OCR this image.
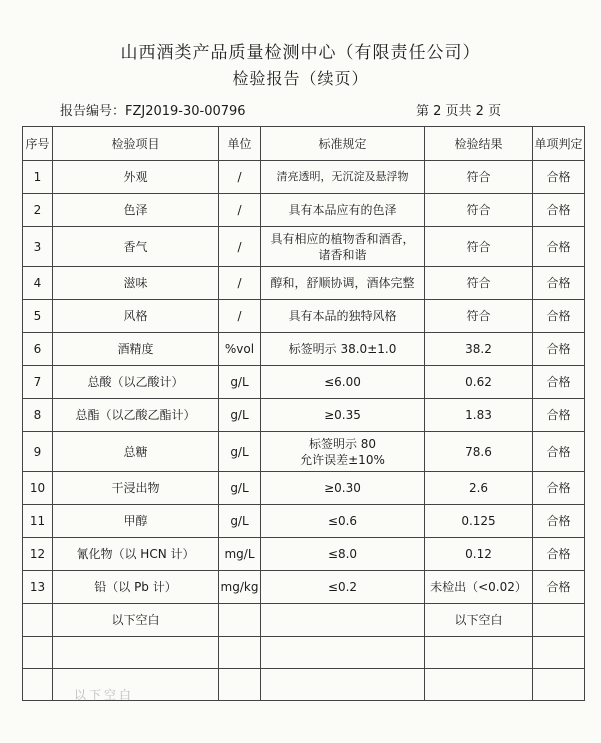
山西酒类产品质量检测中心（有限责任公司）
检验报告（续页）
报告编号：FZJ2019-30-00796	第 2 页共 2 页
序号	检验项目	单位	标准规定	检验结果	单项判定
1	外观	/	清亮透明，无沉淀及悬浮物	符合	合格
2	色泽	/	具有本品应有的色泽	符合	合格
3	香气	/	具有相应的植物香和酒香，
诸香和谐	符合	合格
4	滋味	/	醇和，舒顺协调，酒体完整	符合	合格
5	风格	/	具有本品的独特风格	符合	合格
6	酒精度	%vol	标签明示 38.0±1.0	38.2	合格
7	总酸（以乙酸计）	g/L	≤6.00	0.62	合格
8	总酯（以乙酸乙酯计）	g/L	≥0.35	1.83	合格
9	总糖	g/L	标签明示 80
允许误差±10%	78.6	合格
10	干浸出物	g/L	≥0.30	2.6	合格
11	甲醇	g/L	≤0.6	0.125	合格
12	氰化物（以 HCN 计）	mg/L	≤8.0	0.12	合格
13	铅（以 Pb 计）	mg/kg	≤0.2	未检出（<0.02）	合格
	以下空白			以下空白	

以下空白
